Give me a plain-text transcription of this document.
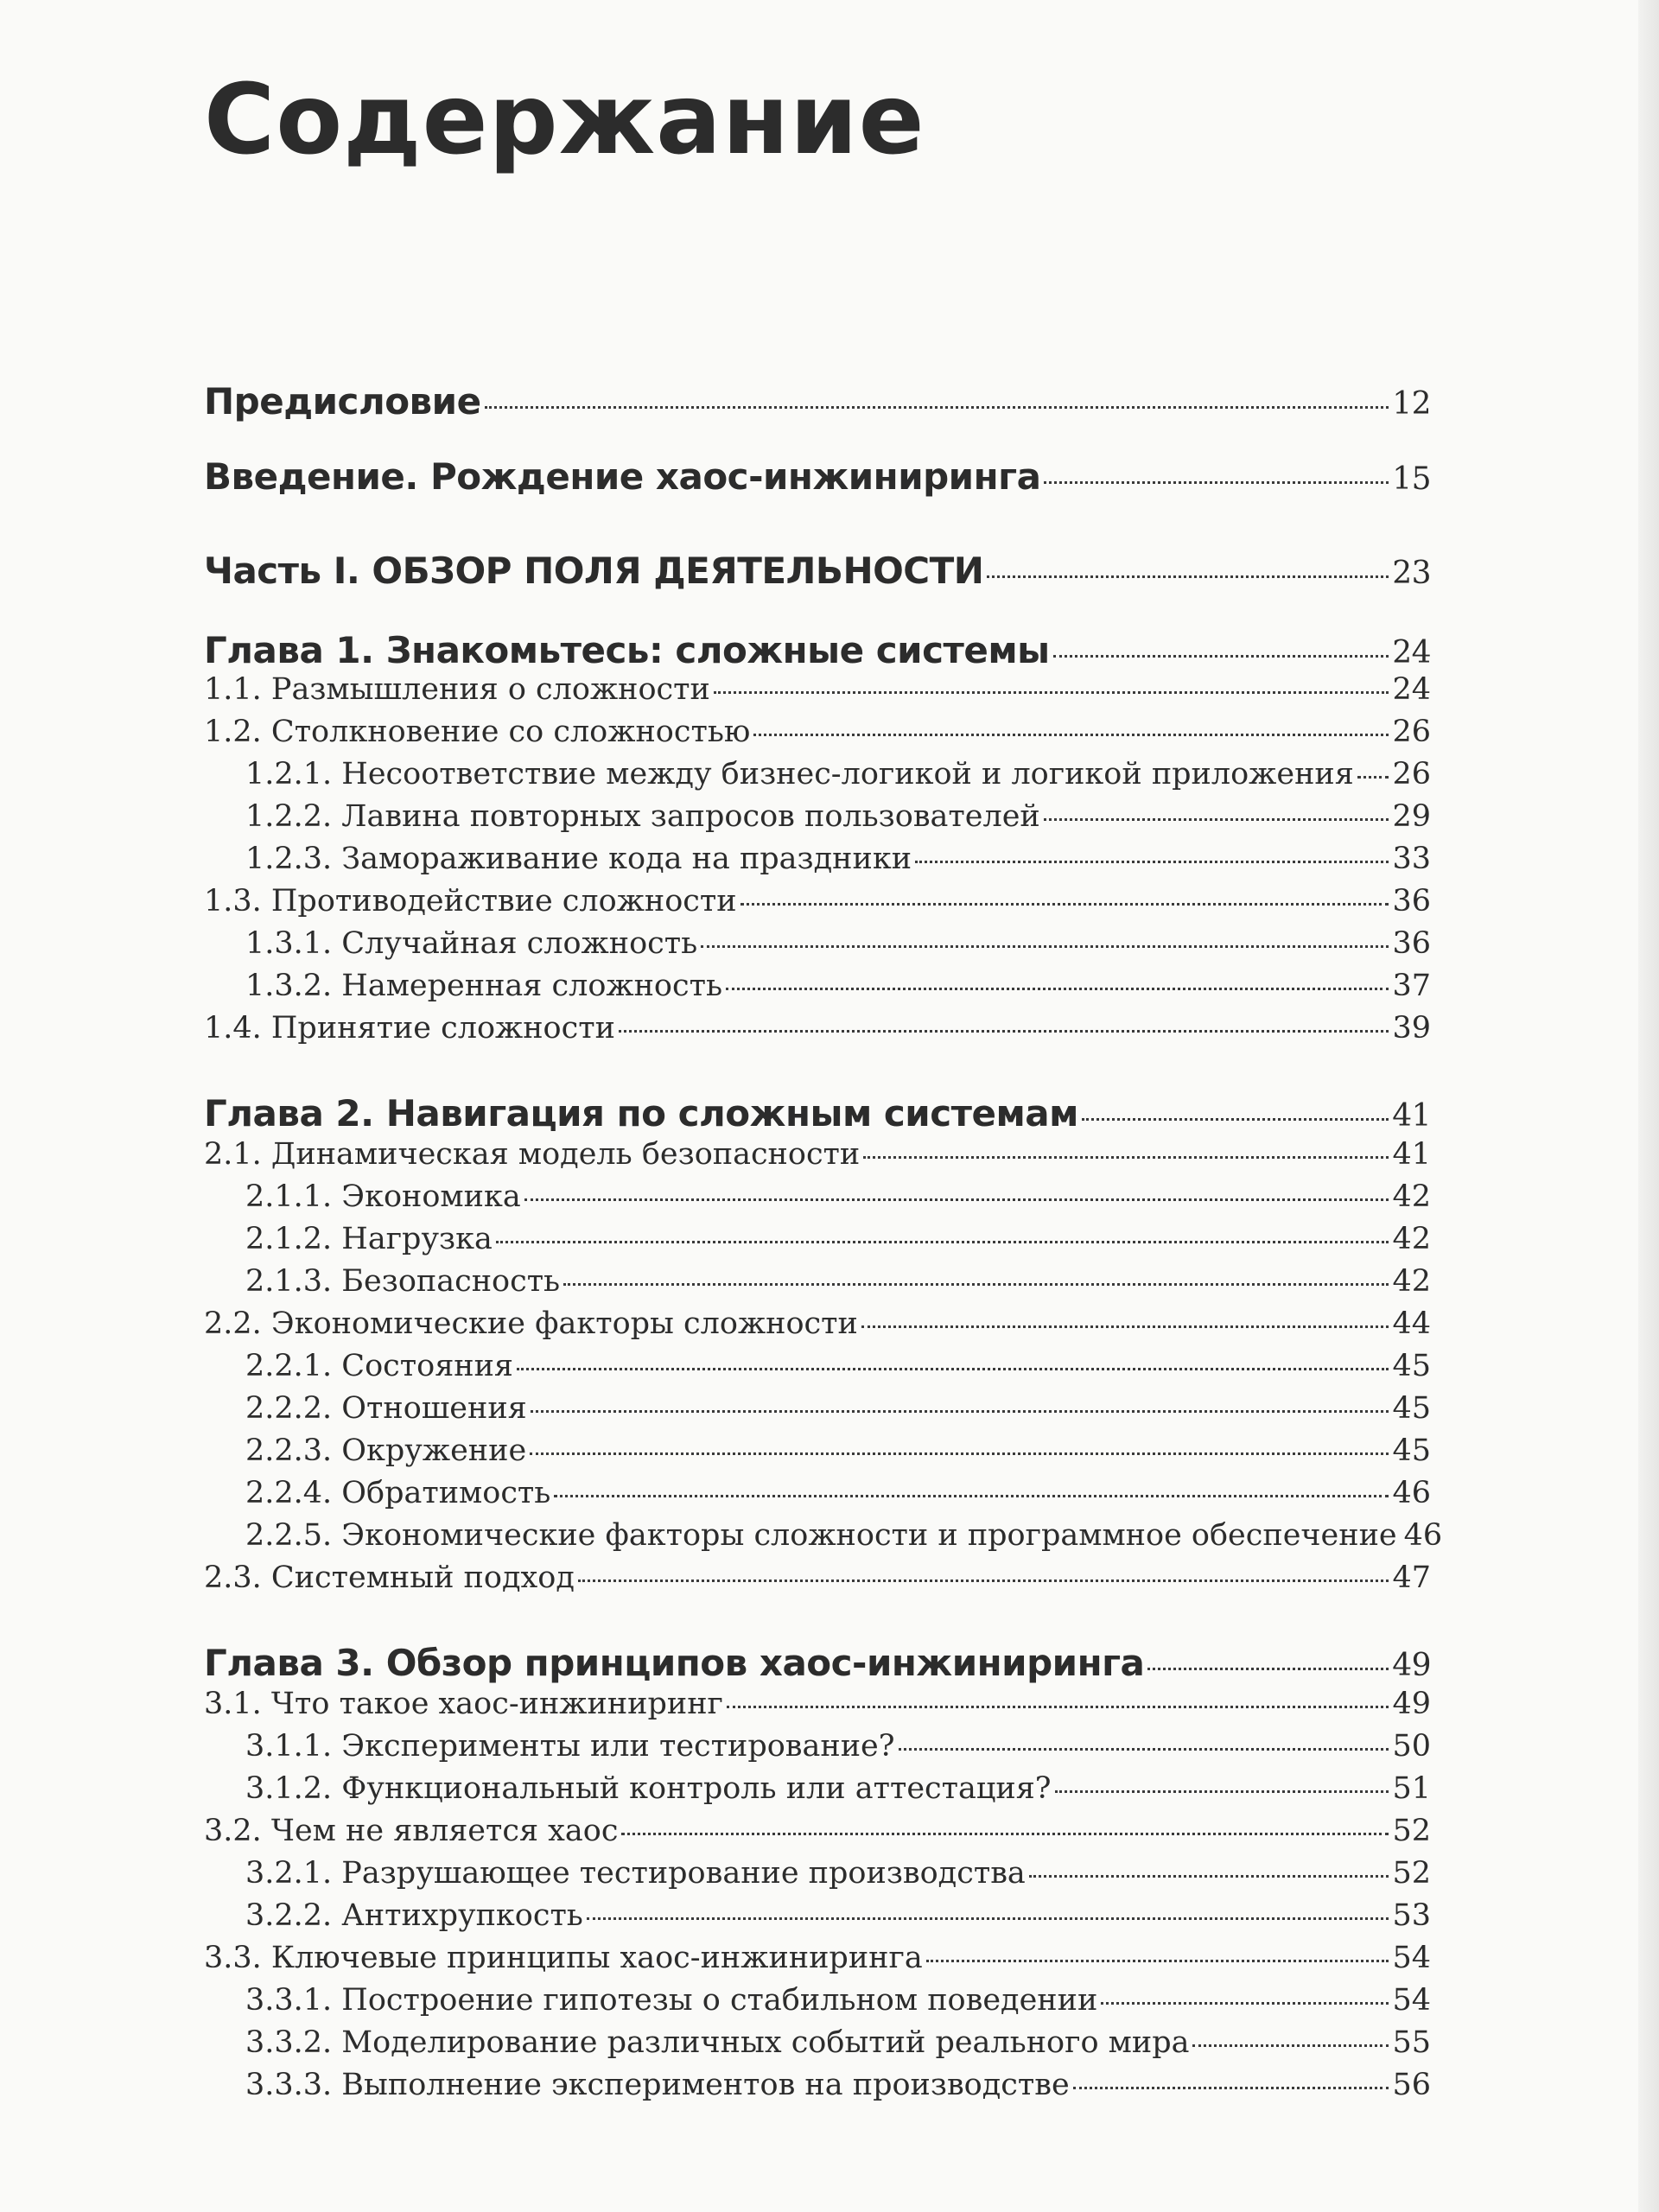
Содержание
Предисловие	12
Введение. Рождение хаос-инжиниринга	15
Часть I. ОБЗОР ПОЛЯ ДЕЯТЕЛЬНОСТИ	23
Глава 1. Знакомьтесь: сложные системы	24
1.1. Размышления о сложности	24
1.2. Столкновение со сложностью	26
1.2.1. Несоответствие между бизнес-логикой и логикой приложения 26
1.2.2. Лавина повторных запросов пользователей	29
1.2.3. Замораживание кода на праздники	33
1.3. Противодействие сложности	36
1.3.1. Случайная сложность	36
1.3.2. Намеренная сложность	37
1.4. Принятие сложности	39
Глава 2. Навигация по сложным системам	41
2.1. Динамическая модель безопасности	41
2.1.1. Экономика	42
2.1.2. Нагрузка	42
2.1.3. Безопасность	42
2.2. Экономические факторы сложности	44
2.2.1. Состояния	45
2.2.2. Отношения	45
2.2.3. Окружение	45
2.2.4. Обратимость	46
2.2.5. Экономические факторы сложности и программное обеспечение 46
2.3. Системный подход	47
Глава 3. Обзор принципов хаос-инжиниринга	49
3.1. Что такое хаос-инжиниринг	49
3.1.1. Эксперименты или тестирование?	50
3.1.2. Функциональный контроль или аттестация?	51
3.2. Чем не является хаос	52
3.2.1. Разрушающее тестирование производства	52
3.2.2. Антихрупкость	53
3.3. Ключевые принципы хаос-инжиниринга	54
3.3.1. Построение гипотезы о стабильном поведении	54
3.3.2. Моделирование различных событий реального мира	55
3.3.3. Выполнение экспериментов на производстве	56
